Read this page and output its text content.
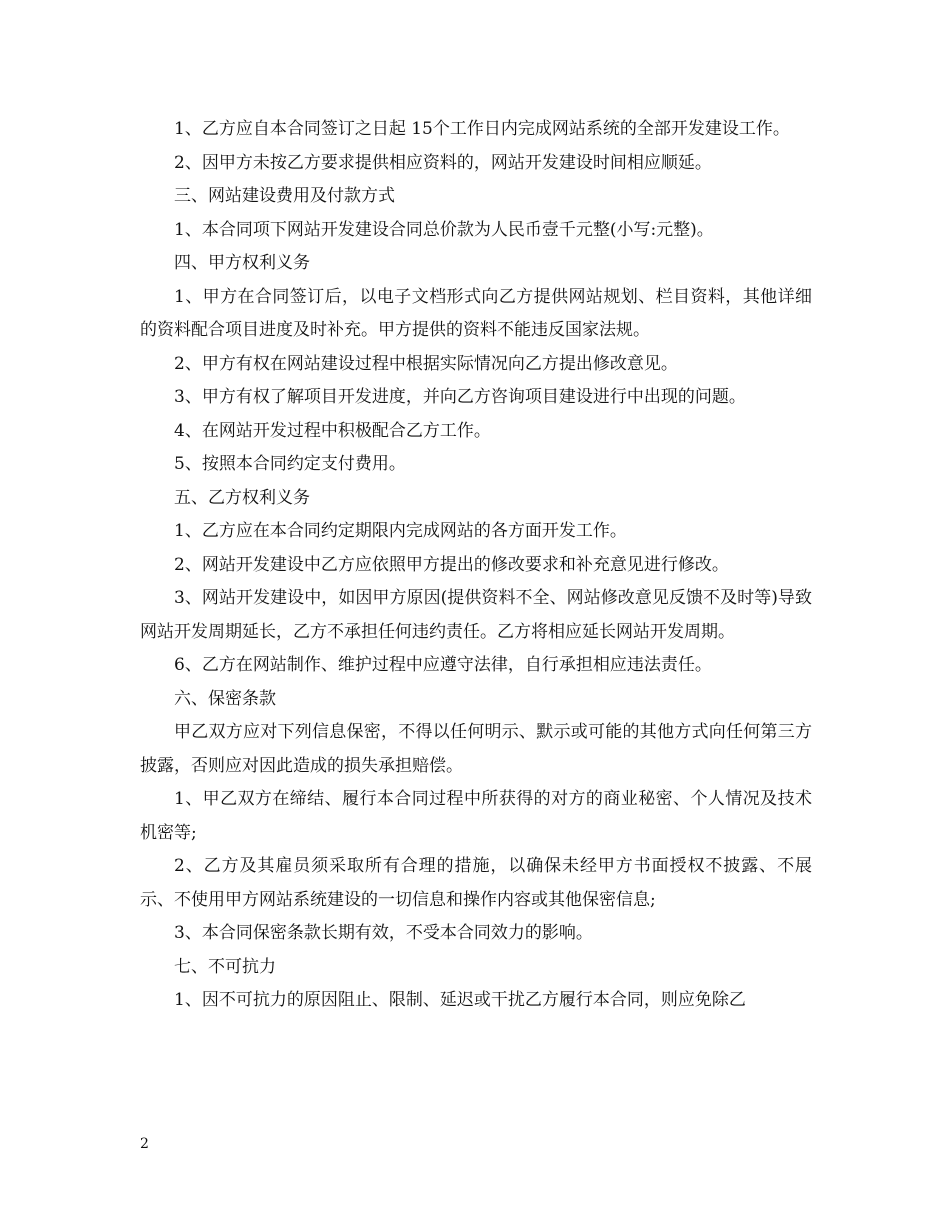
1、乙方应自本合同签订之日起 15个工作日内完成网站系统的全部开发建设工作。

2、因甲方未按乙方要求提供相应资料的，网站开发建设时间相应顺延。

三、网站建设费用及付款方式

1、本合同项下网站开发建设合同总价款为人民币壹千元整(小写:元整)。

四、甲方权利义务

1、甲方在合同签订后，以电子文档形式向乙方提供网站规划、栏目资料，其他详细的资料配合项目进度及时补充。甲方提供的资料不能违反国家法规。

2、甲方有权在网站建设过程中根据实际情况向乙方提出修改意见。

3、甲方有权了解项目开发进度，并向乙方咨询项目建设进行中出现的问题。

4、在网站开发过程中积极配合乙方工作。

5、按照本合同约定支付费用。

五、乙方权利义务

1、乙方应在本合同约定期限内完成网站的各方面开发工作。

2、网站开发建设中乙方应依照甲方提出的修改要求和补充意见进行修改。

3、网站开发建设中，如因甲方原因(提供资料不全、网站修改意见反馈不及时等)导致网站开发周期延长，乙方不承担任何违约责任。乙方将相应延长网站开发周期。

6、乙方在网站制作、维护过程中应遵守法律，自行承担相应违法责任。

六、保密条款

甲乙双方应对下列信息保密，不得以任何明示、默示或可能的其他方式向任何第三方披露，否则应对因此造成的损失承担赔偿。

1、甲乙双方在缔结、履行本合同过程中所获得的对方的商业秘密、个人情况及技术机密等;

2、乙方及其雇员须采取所有合理的措施，以确保未经甲方书面授权不披露、不展示、不使用甲方网站系统建设的一切信息和操作内容或其他保密信息;

3、本合同保密条款长期有效，不受本合同效力的影响。

七、不可抗力

1、因不可抗力的原因阻止、限制、延迟或干扰乙方履行本合同，则应免除乙

2
